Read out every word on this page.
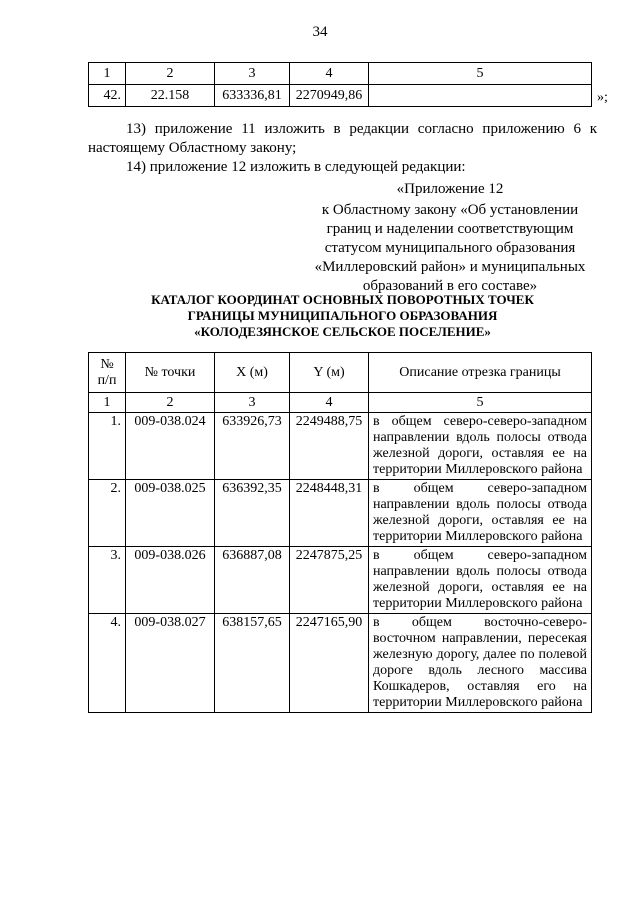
34
1	2	3	4	5
42.	22.158	633336,81	2270949,86		»;
13) приложение 11 изложить в редакции согласно приложению 6 к настоящему Областному закону;
14) приложение 12 изложить в следующей редакции:
«Приложение 12
к Областному закону «Об установлении
границ и наделении соответствующим
статусом муниципального образования
«Миллеровский район» и муниципальных
образований в его составе»
КАТАЛОГ КООРДИНАТ ОСНОВНЫХ ПОВОРОТНЫХ ТОЧЕК
ГРАНИЦЫ МУНИЦИПАЛЬНОГО ОБРАЗОВАНИЯ
«КОЛОДЕЗЯНСКОЕ СЕЛЬСКОЕ ПОСЕЛЕНИЕ»
№
п/п	№ точки	X (м)	Y (м)	Описание отрезка границы
1	2	3	4	5
1.	009-038.024	633926,73	2249488,75	в общем северо-северо-западном направлении вдоль полосы отвода железной дороги, оставляя ее на территории Миллеровского района
2.	009-038.025	636392,35	2248448,31	в общем северо-западном направлении вдоль полосы отвода железной дороги, оставляя ее на территории Миллеровского района
3.	009-038.026	636887,08	2247875,25	в общем северо-западном направлении вдоль полосы отвода железной дороги, оставляя ее на территории Миллеровского района
4.	009-038.027	638157,65	2247165,90	в общем восточно-северо-восточном направлении, пересекая железную дорогу, далее по полевой дороге вдоль лесного массива Кошкадеров, оставляя его на территории Миллеровского района
